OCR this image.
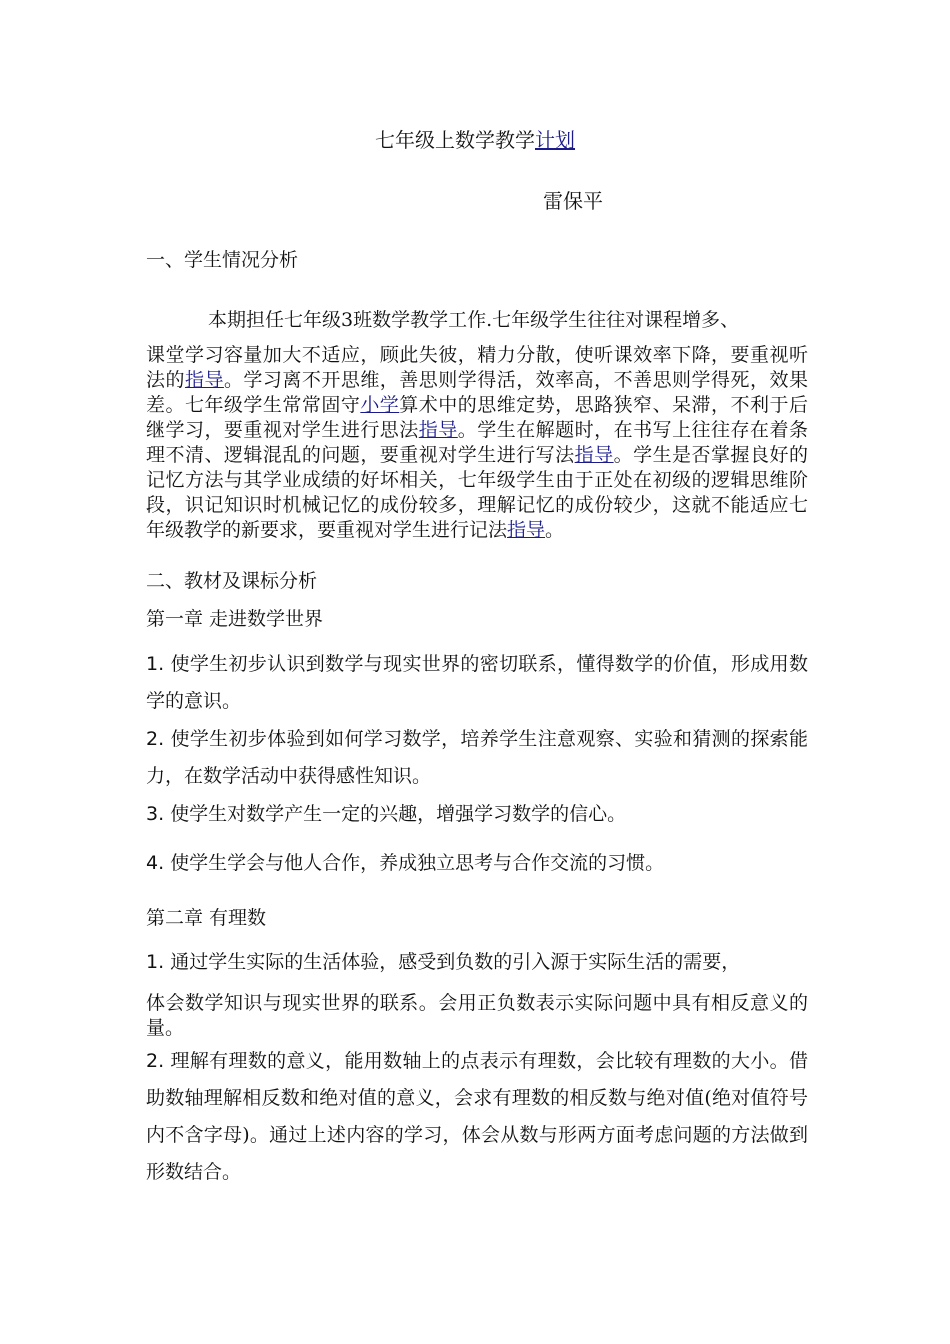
七年级上数学教学计划
雷保平

一、学生情况分析

本期担任七年级3班数学教学工作.七年级学生往往对课程增多、

课堂学习容量加大不适应，顾此失彼，精力分散，使听课效率下降，要重视听法的指导。学习离不开思维，善思则学得活，效率高，不善思则学得死，效果差。七年级学生常常固守小学算术中的思维定势，思路狭窄、呆滞，不利于后继学习，要重视对学生进行思法指导。学生在解题时，在书写上往往存在着条理不清、逻辑混乱的问题，要重视对学生进行写法指导。学生是否掌握良好的记忆方法与其学业成绩的好坏相关，七年级学生由于正处在初级的逻辑思维阶段，识记知识时机械记忆的成份较多，理解记忆的成份较少，这就不能适应七年级教学的新要求，要重视对学生进行记法指导。

二、教材及课标分析

第一章 走进数学世界

1. 使学生初步认识到数学与现实世界的密切联系，懂得数学的价值，形成用数学的意识。

2. 使学生初步体验到如何学习数学，培养学生注意观察、实验和猜测的探索能力，在数学活动中获得感性知识。

3. 使学生对数学产生一定的兴趣，增强学习数学的信心。

4. 使学生学会与他人合作，养成独立思考与合作交流的习惯。

第二章 有理数

1. 通过学生实际的生活体验，感受到负数的引入源于实际生活的需要，

体会数学知识与现实世界的联系。会用正负数表示实际问题中具有相反意义的量。

2. 理解有理数的意义，能用数轴上的点表示有理数，会比较有理数的大小。借助数轴理解相反数和绝对值的意义，会求有理数的相反数与绝对值(绝对值符号内不含字母)。通过上述内容的学习，体会从数与形两方面考虑问题的方法做到形数结合。
